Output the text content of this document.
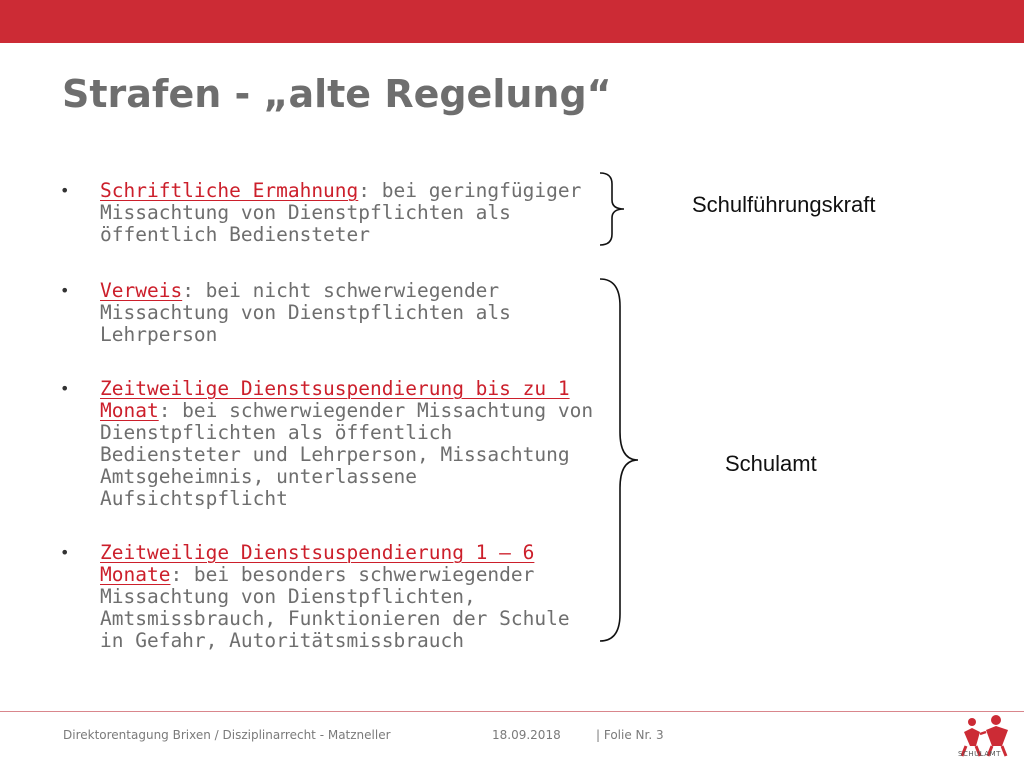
Strafen - „alte Regelung“
• Schriftliche Ermahnung: bei geringfügiger Missachtung von Dienstpflichten als öffentlich Bediensteter
• Verweis: bei nicht schwerwiegender Missachtung von Dienstpflichten als Lehrperson
• Zeitweilige Dienstsuspendierung bis zu 1 Monat: bei schwerwiegender Missachtung von Dienstpflichten als öffentlich Bediensteter und Lehrperson, Missachtung Amtsgeheimnis, unterlassene Aufsichtspflicht
• Zeitweilige Dienstsuspendierung 1 – 6 Monate: bei besonders schwerwiegender Missachtung von Dienstpflichten, Amtsmissbrauch, Funktionieren der Schule in Gefahr, Autoritätsmissbrauch
Schulführungskraft
Schulamt
Direktorentagung Brixen / Disziplinarrecht - Matzneller	18.09.2018	| Folie Nr. 3
SCHULAMT
